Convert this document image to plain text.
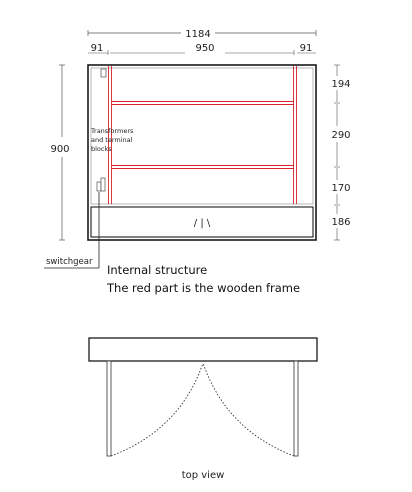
1184
91	950	91
900
194
290
170
186
Transformers
and terminal
blocks
/ | \
switchgear
Internal structure
The red part is the wooden frame
top view
